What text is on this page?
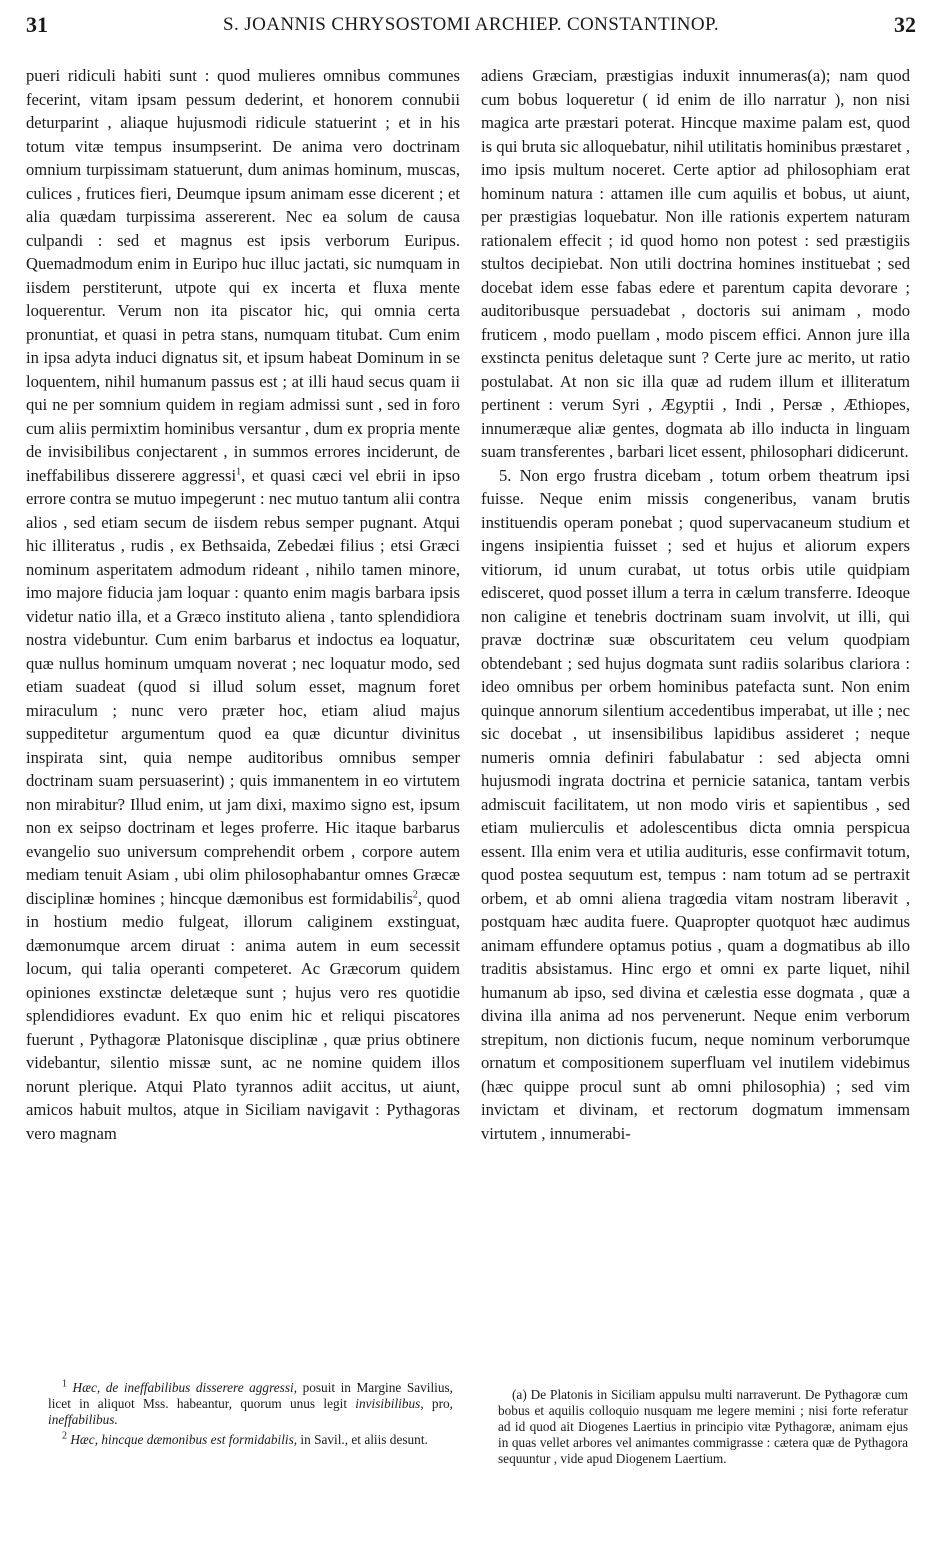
31	S. JOANNIS CHRYSOSTOMI ARCHIEP. CONSTANTINOP.	32

pueri ridiculi habiti sunt : quod mulieres omnibus communes fecerint, vitam ipsam pessum dederint, et honorem connubii deturparint , aliaque hujusmodi ridicule statuerint ; et in his totum vitæ tempus insumpserint. De anima vero doctrinam omnium turpissimam statuerunt, dum animas hominum, muscas, culices , frutices fieri, Deumque ipsum animam esse dicerent ; et alia quædam turpissima assererent. Nec ea solum de causa culpandi : sed et magnus est ipsis verborum Euripus. Quemadmodum enim in Euripo huc illuc jactati, sic numquam in iisdem perstiterunt, utpote qui ex incerta et fluxa mente loquerentur. Verum non ita piscator hic, qui omnia certa pronuntiat, et quasi in petra stans, numquam titubat. Cum enim in ipsa adyta induci dignatus sit, et ipsum habeat Dominum in se loquentem, nihil humanum passus est ; at illi haud secus quam ii qui ne per somnium quidem in regiam admissi sunt , sed in foro cum aliis permixtim hominibus versantur , dum ex propria mente de invisibilibus conjectarent , in summos errores inciderunt, de ineffabilibus disserere aggressi$^1$, et quasi cæci vel ebrii in ipso errore contra se mutuo impegerunt : nec mutuo tantum alii contra alios , sed etiam secum de iisdem rebus semper pugnant. Atqui hic illiteratus , rudis , ex Bethsaida, Zebedæi filius ; etsi Græci nominum asperitatem admodum rideant , nihilo tamen minore, imo majore fiducia jam loquar : quanto enim magis barbara ipsis videtur natio illa, et a Græco instituto aliena , tanto splendidiora nostra videbuntur. Cum enim barbarus et indoctus ea loquatur, quæ nullus hominum umquam noverat ; nec loquatur modo, sed etiam suadeat (quod si illud solum esset, magnum foret miraculum ; nunc vero præter hoc, etiam aliud majus suppeditetur argumentum quod ea quæ dicuntur divinitus inspirata sint, quia nempe auditoribus omnibus semper doctrinam suam persuaserint) ; quis immanentem in eo virtutem non mirabitur? Illud enim, ut jam dixi, maximo signo est, ipsum non ex seipso doctrinam et leges proferre. Hic itaque barbarus evangelio suo universum comprehendit orbem , corpore autem mediam tenuit Asiam , ubi olim philosophabantur omnes Græcæ disciplinæ homines ; hincque dæmonibus est formidabilis$^2$, quod in hostium medio fulgeat, illorum caliginem exstinguat, dæmonumque arcem diruat : anima autem in eum secessit locum, qui talia operanti competeret. Ac Græcorum quidem opiniones exstinctæ deletæque sunt ; hujus vero res quotidie splendidiores evadunt. Ex quo enim hic et reliqui piscatores fuerunt , Pythagoræ Platonisque disciplinæ , quæ prius obtinere videbantur, silentio missæ sunt, ac ne nomine quidem illos norunt plerique. Atqui Plato tyrannos adiit accitus, ut aiunt, amicos habuit multos, atque in Siciliam navigavit : Pythagoras vero magnam

adiens Græciam, præstigias induxit innumeras(a); nam quod cum bobus loqueretur ( id enim de illo narratur ), non nisi magica arte præstari poterat. Hincque maxime palam est, quod is qui bruta sic alloquebatur, nihil utilitatis hominibus præstaret , imo ipsis multum noceret. Certe aptior ad philosophiam erat hominum natura : attamen ille cum aquilis et bobus, ut aiunt, per præstigias loquebatur. Non ille rationis expertem naturam rationalem effecit ; id quod homo non potest : sed præstigiis stultos decipiebat. Non utili doctrina homines instituebat ; sed docebat idem esse fabas edere et parentum capita devorare ; auditoribusque persuadebat , doctoris sui animam , modo fruticem , modo puellam , modo piscem effici. Annon jure illa exstincta penitus deletaque sunt ? Certe jure ac merito, ut ratio postulabat. At non sic illa quæ ad rudem illum et illiteratum pertinent : verum Syri , Ægyptii , Indi , Persæ , Æthiopes, innumeræque aliæ gentes, dogmata ab illo inducta in linguam suam transferentes , barbari licet essent, philosophari didicerunt.

5. Non ergo frustra dicebam , totum orbem theatrum ipsi fuisse. Neque enim missis congeneribus, vanam brutis instituendis operam ponebat ; quod supervacaneum studium et ingens insipientia fuisset ; sed et hujus et aliorum expers vitiorum, id unum curabat, ut totus orbis utile quidpiam edisceret, quod posset illum a terra in cælum transferre. Ideoque non caligine et tenebris doctrinam suam involvit, ut illi, qui pravæ doctrinæ suæ obscuritatem ceu velum quodpiam obtendebant ; sed hujus dogmata sunt radiis solaribus clariora : ideo omnibus per orbem hominibus patefacta sunt. Non enim quinque annorum silentium accedentibus imperabat, ut ille ; nec sic docebat , ut insensibilibus lapidibus assideret ; neque numeris omnia definiri fabulabatur : sed abjecta omni hujusmodi ingrata doctrina et pernicie satanica, tantam verbis admiscuit facilitatem, ut non modo viris et sapientibus , sed etiam mulierculis et adolescentibus dicta omnia perspicua essent. Illa enim vera et utilia audituris, esse confirmavit totum, quod postea sequutum est, tempus : nam totum ad se pertraxit orbem, et ab omni aliena tragœdia vitam nostram liberavit , postquam hæc audita fuere. Quapropter quotquot hæc audimus animam effundere optamus potius , quam a dogmatibus ab illo traditis absistamus. Hinc ergo et omni ex parte liquet, nihil humanum ab ipso, sed divina et cælestia esse dogmata , quæ a divina illa anima ad nos pervenerunt. Neque enim verborum strepitum, non dictionis fucum, neque nominum verborumque ornatum et compositionem superfluam vel inutilem videbimus (hæc quippe procul sunt ab omni philosophia) ; sed vim invictam et divinam, et rectorum dogmatum immensam virtutem , innumerabi-

(a) De Platonis in Siciliam appulsu multi narraverunt. De Pythagoræ cum bobus et aquilis colloquio nusquam me legere memini ; nisi forte referatur ad id quod ait Diogenes Laertius in principio vitæ Pythagoræ, animam ejus in quas vellet arbores vel animantes commigrasse : cætera quæ de Pythagora sequuntur , vide apud Diogenem Laertium.

$^1$ Hæc, de ineffabilibus disserere aggressi, posuit in Margine Savilius, licet in aliquot Mss. habeantur, quorum unus legit invisibilibus, pro, ineffabilibus.

$^2$ Hæc, hincque dæmonibus est formidabilis, in Savil., et aliis desunt.
